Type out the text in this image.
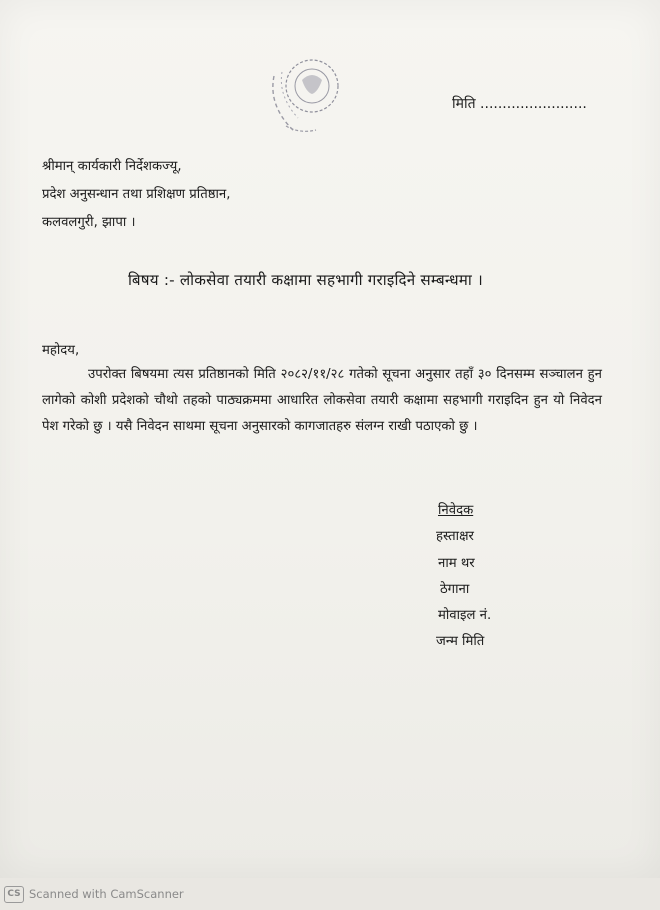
मिति ........................
श्रीमान् कार्यकारी निर्देशकज्यू,
प्रदेश अनुसन्धान तथा प्रशिक्षण प्रतिष्ठान,
कलवलगुरी, झापा ।
बिषय :- लोकसेवा तयारी कक्षामा सहभागी गराइदिने सम्बन्धमा ।
महोदय,
उपरोक्त बिषयमा त्यस प्रतिष्ठानको मिति २०८२/११/२८ गतेको सूचना अनुसार तहाँ ३० दिनसम्म सञ्चालन हुन लागेको कोशी प्रदेशको चौथो तहको पाठ्यक्रममा आधारित लोकसेवा तयारी कक्षामा सहभागी गराइदिन हुन यो निवेदन पेश गरेको छु । यसै निवेदन साथमा सूचना अनुसारको कागजातहरु संलग्न राखी पठाएको छु ।
निवेदक
हस्ताक्षर
नाम थर
ठेगाना
मोवाइल नं.
जन्म मिति
CS Scanned with CamScanner
